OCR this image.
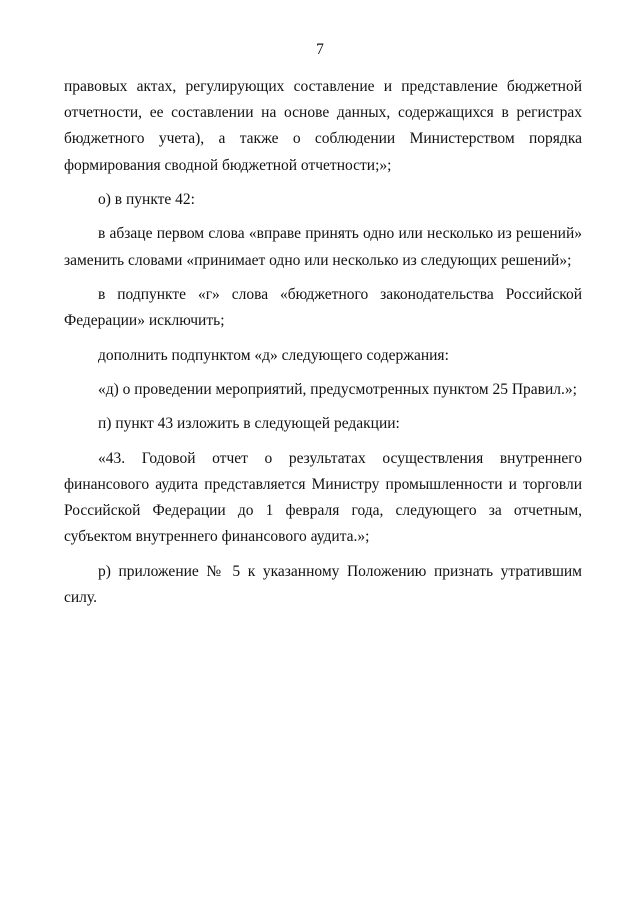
7

правовых актах, регулирующих составление и представление бюджетной отчетности, ее составлении на основе данных, содержащихся в регистрах бюджетного учета), а также о соблюдении Министерством порядка формирования сводной бюджетной отчетности;»;

о) в пункте 42:

в абзаце первом слова «вправе принять одно или несколько из решений» заменить словами «принимает одно или несколько из следующих решений»;

в подпункте «г» слова «бюджетного законодательства Российской Федерации» исключить;

дополнить подпунктом «д» следующего содержания:

«д) о проведении мероприятий, предусмотренных пунктом 25 Правил.»;

п) пункт 43 изложить в следующей редакции:

«43. Годовой отчет о результатах осуществления внутреннего финансового аудита представляется Министру промышленности и торговли Российской Федерации до 1 февраля года, следующего за отчетным, субъектом внутреннего финансового аудита.»;

р) приложение № 5 к указанному Положению признать утратившим силу.
